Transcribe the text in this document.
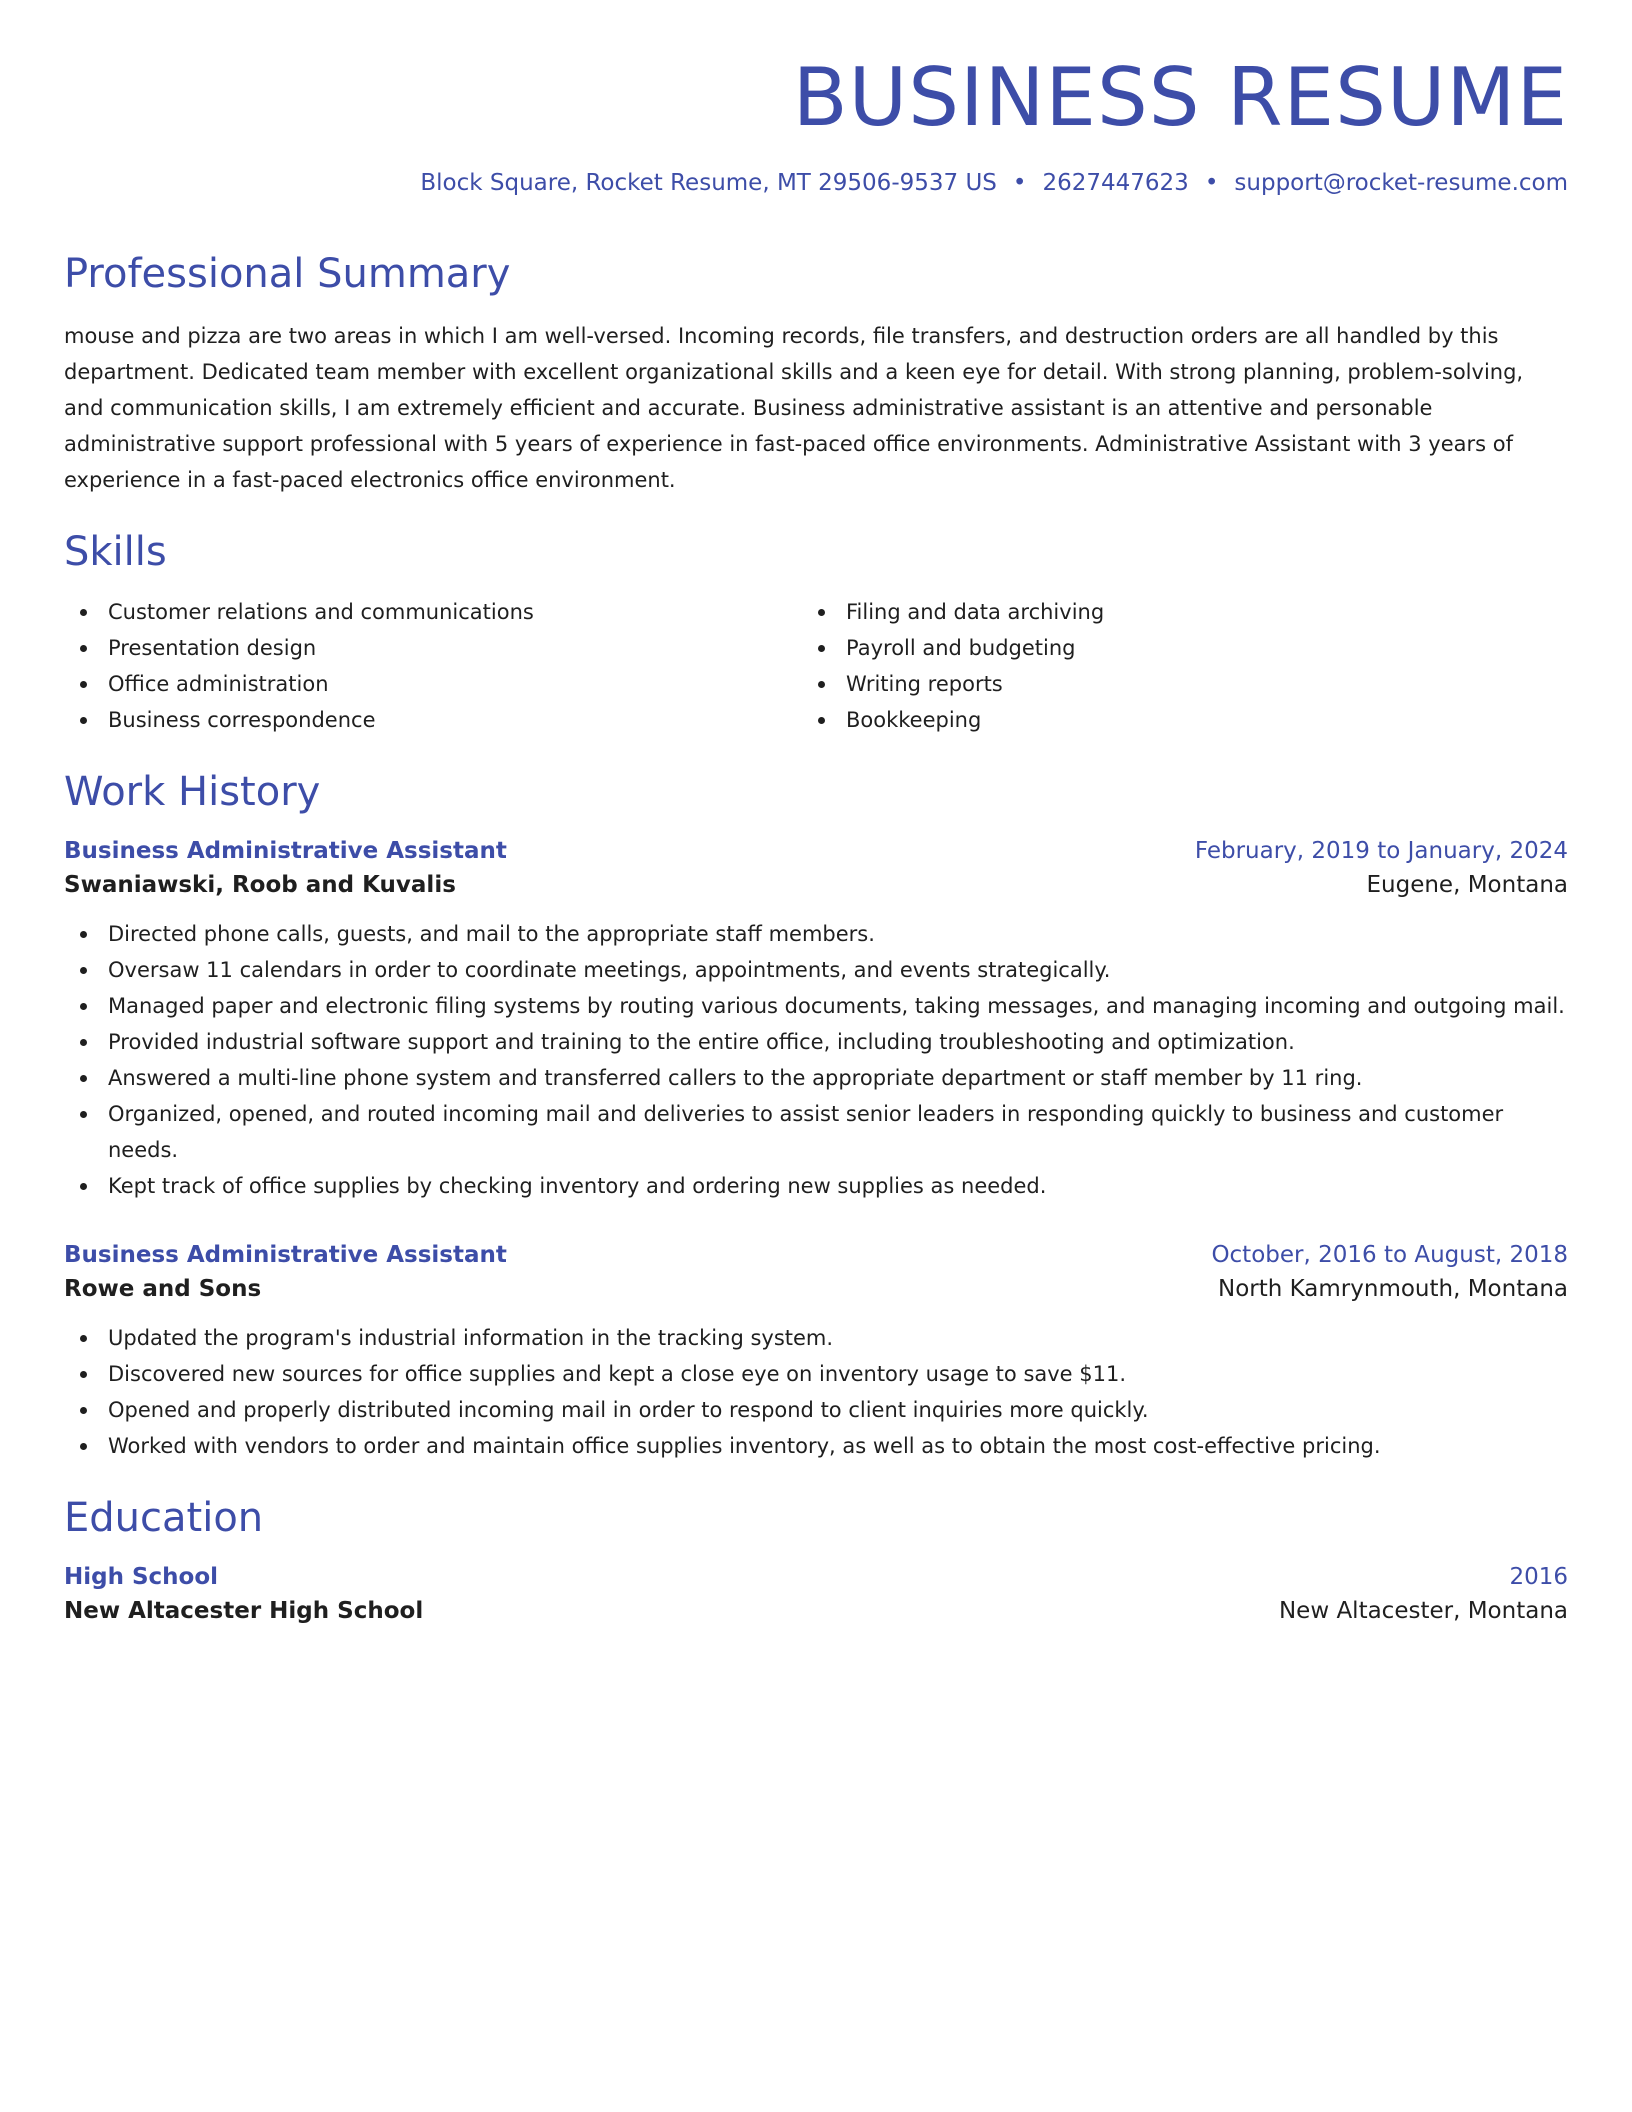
BUSINESS RESUME
Block Square, Rocket Resume, MT 29506-9537 US • 2627447623 • support@rocket-resume.com
Professional Summary

mouse and pizza are two areas in which I am well-versed. Incoming records, file transfers, and destruction orders are all handled by this department. Dedicated team member with excellent organizational skills and a keen eye for detail. With strong planning, problem-solving, and communication skills, I am extremely efficient and accurate. Business administrative assistant is an attentive and personable administrative support professional with 5 years of experience in fast-paced office environments. Administrative Assistant with 3 years of experience in a fast-paced electronics office environment.

Skills
Customer relations and communications
Presentation design
Office administration
Business correspondence
Filing and data archiving
Payroll and budgeting
Writing reports
Bookkeeping
Work History
Business Administrative Assistant	February, 2019 to January, 2024
Swaniawski, Roob and Kuvalis	Eugene, Montana
Directed phone calls, guests, and mail to the appropriate staff members.
Oversaw 11 calendars in order to coordinate meetings, appointments, and events strategically.
Managed paper and electronic filing systems by routing various documents, taking messages, and managing incoming and outgoing mail.
Provided industrial software support and training to the entire office, including troubleshooting and optimization.
Answered a multi-line phone system and transferred callers to the appropriate department or staff member by 11 ring.
Organized, opened, and routed incoming mail and deliveries to assist senior leaders in responding quickly to business and customer needs.
Kept track of office supplies by checking inventory and ordering new supplies as needed.
Business Administrative Assistant	October, 2016 to August, 2018
Rowe and Sons	North Kamrynmouth, Montana
Updated the program's industrial information in the tracking system.
Discovered new sources for office supplies and kept a close eye on inventory usage to save $11.
Opened and properly distributed incoming mail in order to respond to client inquiries more quickly.
Worked with vendors to order and maintain office supplies inventory, as well as to obtain the most cost-effective pricing.
Education
High School	2016
New Altacester High School	New Altacester, Montana
